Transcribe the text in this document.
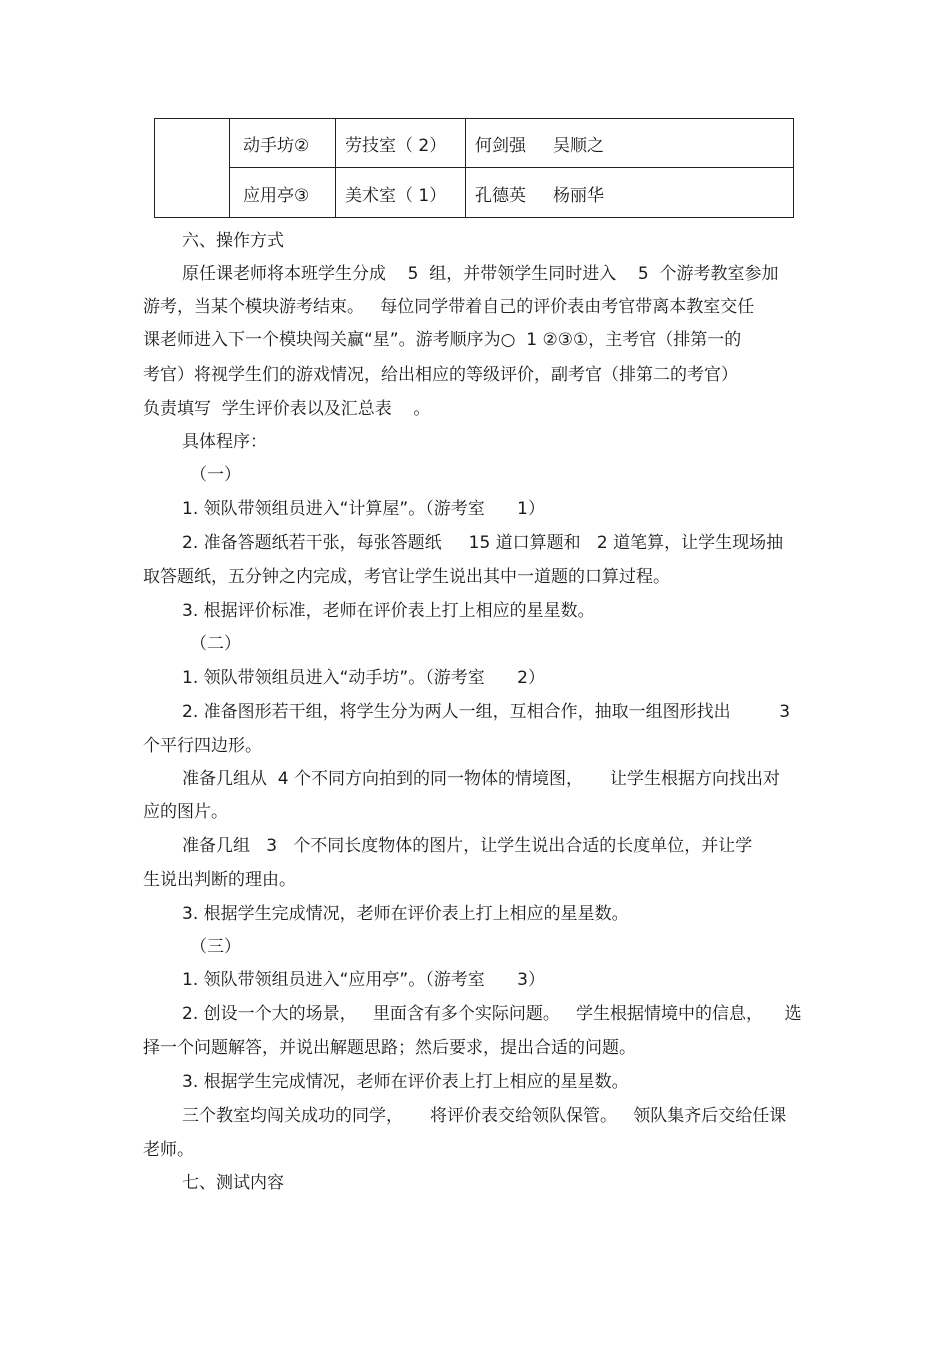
动手坊② 劳技室（ 2） 何剑强     吴顺之
应用亭③ 美术室（ 1） 孔德英     杨丽华
六、操作方式
原任课老师将本班学生分成    5  组，并带领学生同时进入    5  个游考教室参加
游考，当某个模块游考结束。   每位同学带着自己的评价表由考官带离本教室交任
课老师进入下一个模块闯关赢“星”。游考顺序为○  1 ②③①，主考官（排第一的
考官）将视学生们的游戏情况，给出相应的等级评价，副考官（排第二的考官）
负责填写  学生评价表以及汇总表    。
具体程序：
（一）
1. 领队带领组员进入“计算屋”。（游考室      1）
2. 准备答题纸若干张，每张答题纸     15 道口算题和   2 道笔算，让学生现场抽
取答题纸，五分钟之内完成，考官让学生说出其中一道题的口算过程。
3. 根据评价标准，老师在评价表上打上相应的星星数。
（二）
1. 领队带领组员进入“动手坊”。（游考室      2）
2. 准备图形若干组，将学生分为两人一组，互相合作，抽取一组图形找出         3
个平行四边形。
准备几组从  4 个不同方向拍到的同一物体的情境图，     让学生根据方向找出对
应的图片。
准备几组   3   个不同长度物体的图片，让学生说出合适的长度单位，并让学
生说出判断的理由。
3. 根据学生完成情况，老师在评价表上打上相应的星星数。
（三）
1. 领队带领组员进入“应用亭”。（游考室      3）
2. 创设一个大的场景，   里面含有多个实际问题。   学生根据情境中的信息，    选
择一个问题解答，并说出解题思路；然后要求，提出合适的问题。
3. 根据学生完成情况，老师在评价表上打上相应的星星数。
三个教室均闯关成功的同学，     将评价表交给领队保管。   领队集齐后交给任课
老师。
七、测试内容
